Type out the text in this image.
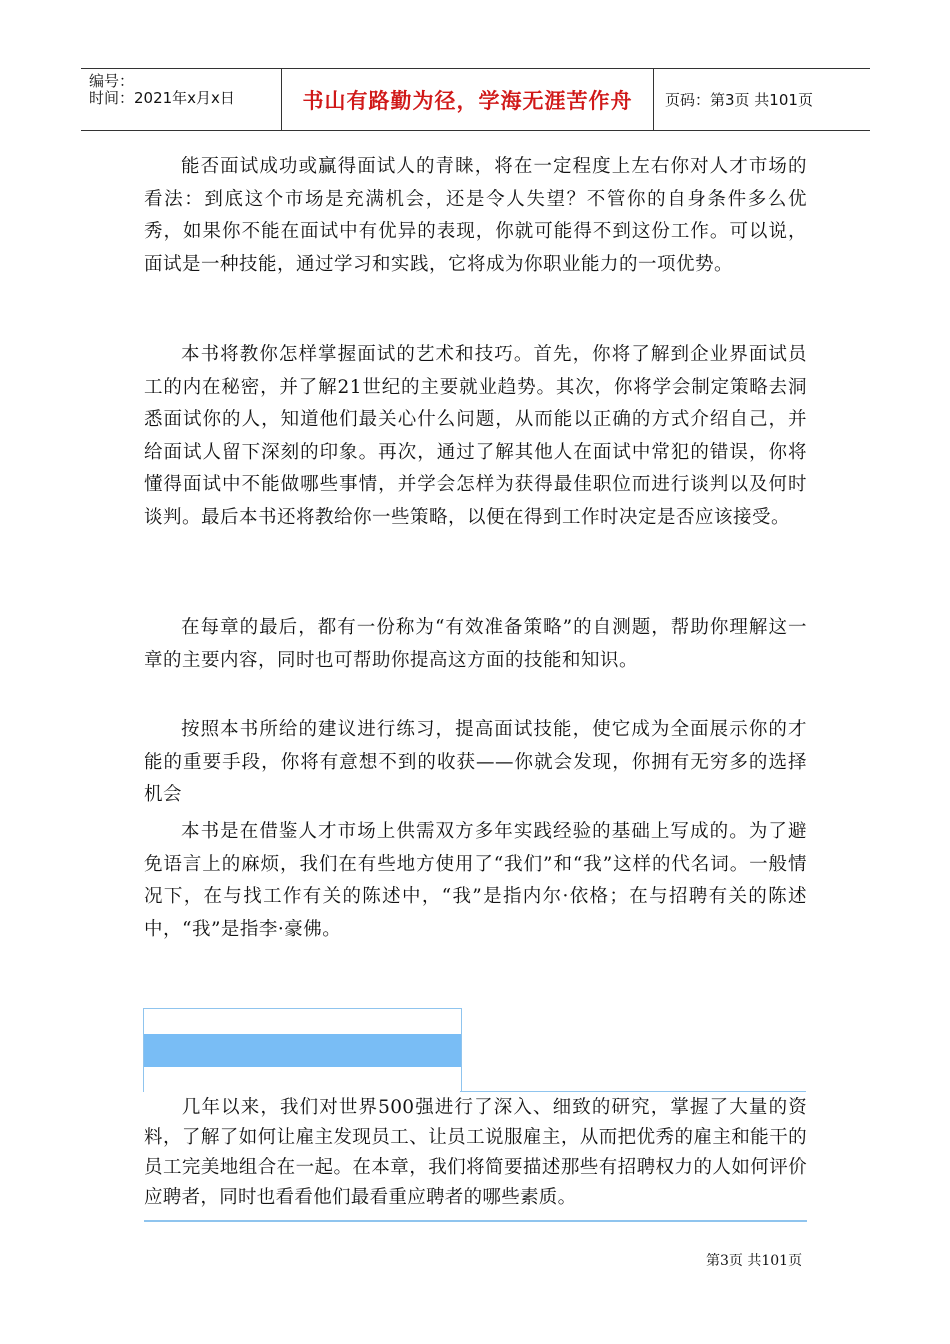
编号：
时间：2021年x月x日	书山有路勤为径，学海无涯苦作舟	页码：第3页 共101页
能否面试成功或赢得面试人的青睐，将在一定程度上左右你对人才市场的看法：到底这个市场是充满机会，还是令人失望？不管你的自身条件多么优秀，如果你不能在面试中有优异的表现，你就可能得不到这份工作。可以说，面试是一种技能，通过学习和实践，它将成为你职业能力的一项优势。
本书将教你怎样掌握面试的艺术和技巧。首先，你将了解到企业界面试员工的内在秘密，并了解21世纪的主要就业趋势。其次，你将学会制定策略去洞悉面试你的人，知道他们最关心什么问题，从而能以正确的方式介绍自己，并给面试人留下深刻的印象。再次，通过了解其他人在面试中常犯的错误，你将懂得面试中不能做哪些事情，并学会怎样为获得最佳职位而进行谈判以及何时谈判。最后本书还将教给你一些策略，以便在得到工作时决定是否应该接受。
在每章的最后，都有一份称为“有效准备策略”的自测题，帮助你理解这一章的主要内容，同时也可帮助你提高这方面的技能和知识。
按照本书所给的建议进行练习，提高面试技能，使它成为全面展示你的才能的重要手段，你将有意想不到的收获——你就会发现，你拥有无穷多的选择机会
本书是在借鉴人才市场上供需双方多年实践经验的基础上写成的。为了避免语言上的麻烦，我们在有些地方使用了“我们”和“我”这样的代名词。一般情况下，在与找工作有关的陈述中，“我”是指内尔·依格；在与招聘有关的陈述中，“我”是指李·豪佛。
几年以来，我们对世界500强进行了深入、细致的研究，掌握了大量的资料，了解了如何让雇主发现员工、让员工说服雇主，从而把优秀的雇主和能干的员工完美地组合在一起。在本章，我们将简要描述那些有招聘权力的人如何评价应聘者，同时也看看他们最看重应聘者的哪些素质。
第3页 共101页
